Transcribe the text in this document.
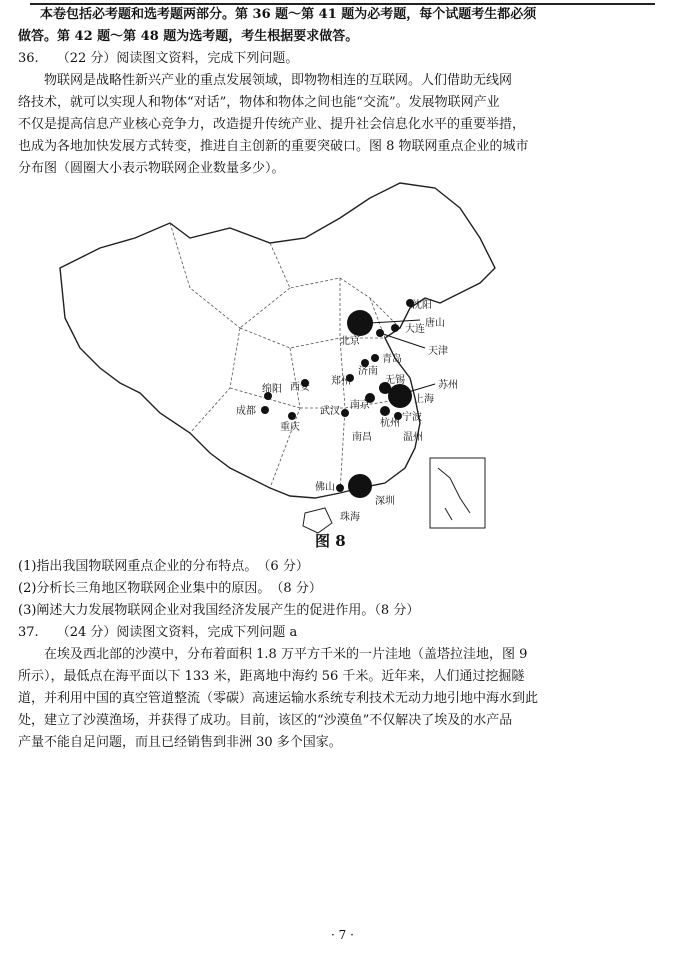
本卷包括必考题和选考题两部分。第 36 题～第 41 题为必考题，每个试题考生都必须
做答。第 42 题～第 48 题为选考题，考生根据要求做答。
36. （22 分）阅读图文资料，完成下列问题。
物联网是战略性新兴产业的重点发展领域，即物物相连的互联网。人们借助无线网
络技术，就可以实现人和物体“对话”，物体和物体之间也能“交流”。发展物联网产业
不仅是提高信息产业核心竞争力，改造提升传统产业、提升社会信息化水平的重要举措，
也成为各地加快发展方式转变，推进自主创新的重要突破口。图 8 物联网重点企业的城市
分布图（圆圈大小表示物联网企业数量多少）。
沈阳
大连
唐山
北京
天津
青岛
济南
郑州	无锡	苏州
上海
南京
宁波
杭州
温州
西安
绵阳
成都
重庆
武汉
南昌
佛山
深圳
珠海
图 8
(1)指出我国物联网重点企业的分布特点。　（6 分）
(2)分析长三角地区物联网企业集中的原因。　（8 分）
(3)阐述大力发展物联网企业对我国经济发展产生的促进作用。（8 分）
37. （24 分）阅读图文资料，完成下列问题 a
在埃及西北部的沙漠中，分布着面积 1.8 万平方千米的一片洼地（盖塔拉洼地，图 9
所示），最低点在海平面以下 133 米，距离地中海约 56 千米。近年来，人们通过挖掘隧
道，并利用中国的真空管道整流（零碳）高速运输水系统专利技术无动力地引地中海水到此
处，建立了沙漠渔场，并获得了成功。目前，该区的“沙漠鱼”不仅解决了埃及的水产品
产量不能自足问题，而且已经销售到非洲 30 多个国家。
· 7 ·
